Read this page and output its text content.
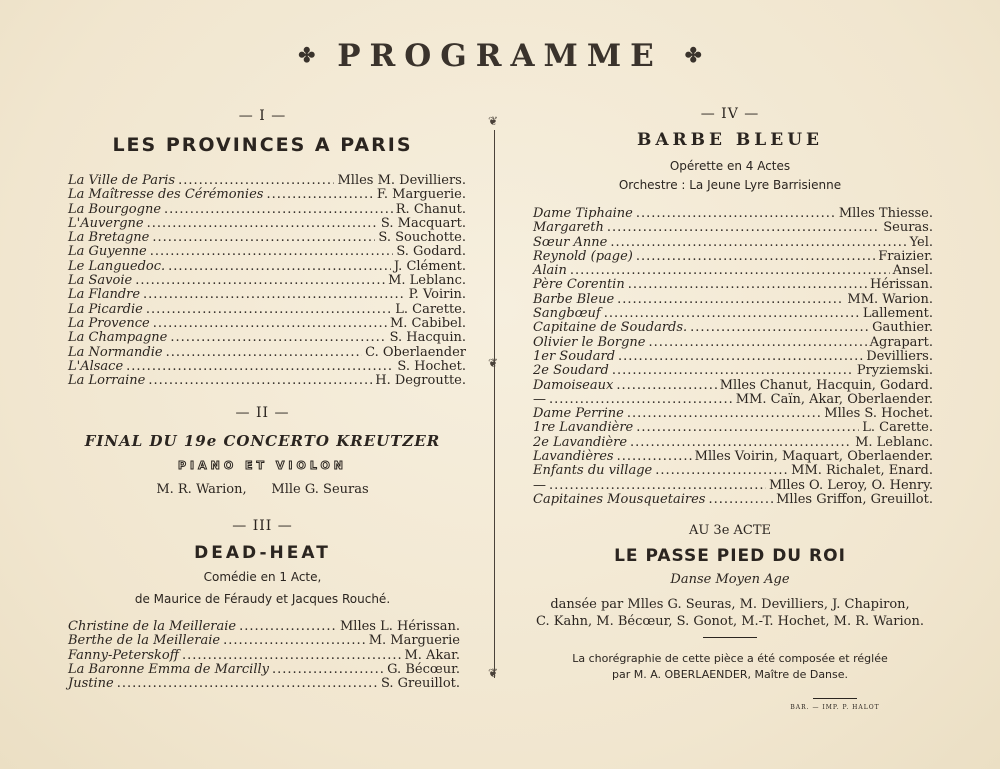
✤ PROGRAMME ✤
— I —
LES PROVINCES A PARIS
La Ville de Paris .....	Mlles M. Devilliers.
La Maîtresse des Cérémonies .....	F. Marguerie.
La Bourgogne .....	R. Chanut.
L'Auvergne .....	S. Macquart.
La Bretagne .....	S. Souchotte.
La Guyenne .....	S. Godard.
Le Languedoc. .....	J. Clément.
La Savoie .....	M. Leblanc.
La Flandre .....	P. Voirin.
La Picardie .....	L. Carette.
La Provence .....	M. Cabibel.
La Champagne .....	S. Hacquin.
La Normandie .....	C. Oberlaender
L'Alsace .....	S. Hochet.
La Lorraine .....	H. Degroutte.
— II —
FINAL DU 19e CONCERTO KREUTZER
PIANO ET VIOLON
M. R. Warion,      Mlle G. Seuras
— III —
DEAD-HEAT
Comédie en 1 Acte,
de Maurice de Féraudy et Jacques Rouché.
Christine de la Meilleraie .....	Mlles L. Hérissan.
Berthe de la Meilleraie .....	M. Marguerie
Fanny-Peterskoff .....	M. Akar.
La Baronne Emma de Marcilly .....	G. Bécœur.
Justine .....	S. Greuillot.
❦
❦
❦
— IV —
BARBE BLEUE
Opérette en 4 Actes
Orchestre : La Jeune Lyre Barrisienne
Dame Tiphaine .....	Mlles Thiesse.
Margareth .....	Seuras.
Sœur Anne .....	Yel.
Reynold (page) .....	Fraizier.
Alain .....	Ansel.
Père Corentin .....	Hérissan.
Barbe Bleue .....	MM. Warion.
Sangbœuf .....	Lallement.
Capitaine de Soudards. .....	Gauthier.
Olivier le Borgne .....	Agrapart.
1er Soudard .....	Devilliers.
2e Soudard .....	Pryziemski.
Damoiseaux .....	Mlles Chanut, Hacquin, Godard.
— .....	MM. Caïn, Akar, Oberlaender.
Dame Perrine .....	Mlles S. Hochet.
1re Lavandière .....	L. Carette.
2e Lavandière .....	M. Leblanc.
Lavandières .....	Mlles Voirin, Maquart, Oberlaender.
Enfants du village .....	MM. Richalet, Enard.
— .....	Mlles O. Leroy, O. Henry.
Capitaines Mousquetaires .....	Mlles Griffon, Greuillot.
AU 3e ACTE
LE PASSE PIED DU ROI
Danse Moyen Age
dansée par Mlles G. Seuras, M. Devilliers, J. Chapiron,
C. Kahn, M. Bécœur, S. Gonot, M.-T. Hochet, M. R. Warion.
La chorégraphie de cette pièce a été composée et réglée
par M. A. OBERLAENDER, Maître de Danse.
BAR. — IMP. P. HALOT
